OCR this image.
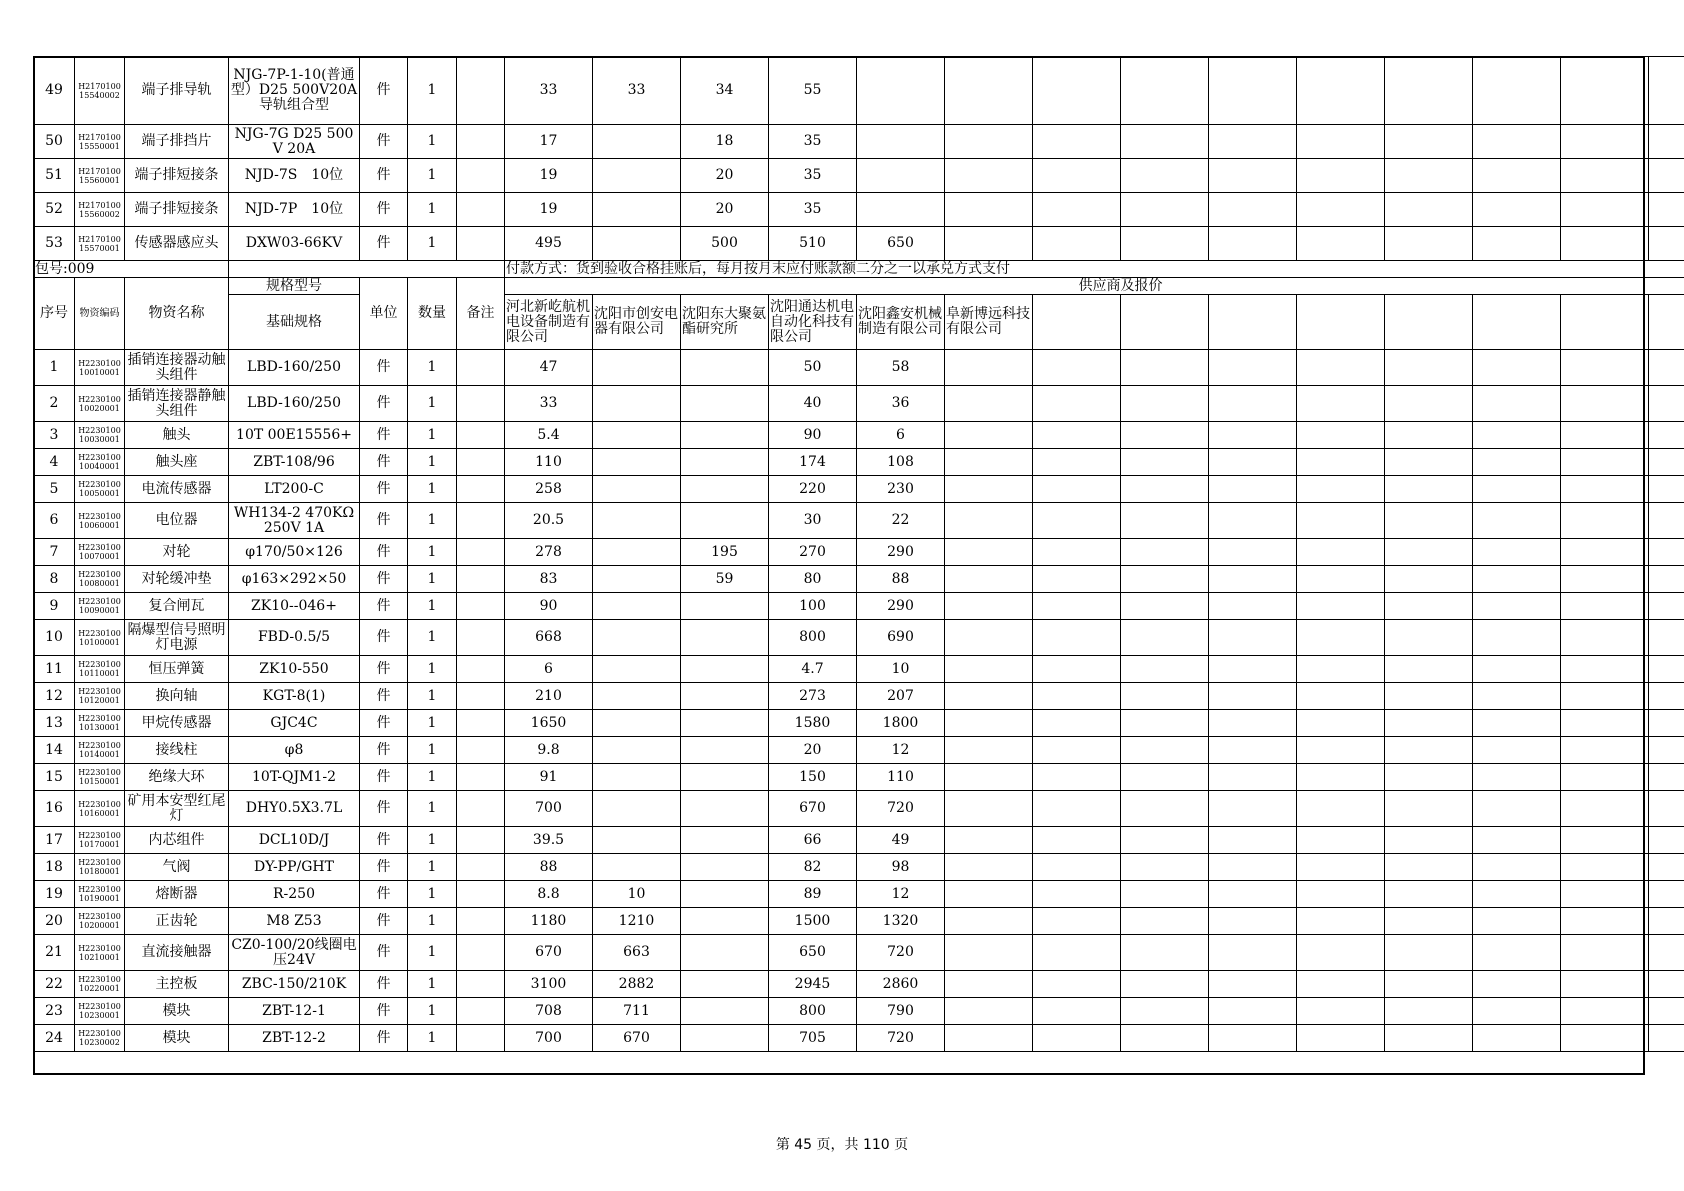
49	H217010015540002	端子排导轨	NJG-7P-1-10(普通型）D25 500V20A导轨组合型	件	1		33	33	34	55										
50	H217010015550001	端子排挡片	NJG-7G D25 500V 20A	件	1		17		18	35										
51	H217010015560001	端子排短接条	NJD-7S　10位	件	1		19		20	35										
52	H217010015560002	端子排短接条	NJD-7P　10位	件	1		19		20	35										
53	H217010015570001	传感器感应头	DXW03-66KV	件	1		495		500	510	650									
包号:009							付款方式：货到验收合格挂账后，每月按月末应付账款额二分之一以承兑方式支付													
序号	物资编码	物资名称	规格型号	单位	数量	备注	供应商及报价													
			基础规格				河北新屹航机电设备制造有限公司	沈阳市创安电器有限公司	沈阳东大聚氨酯研究所	沈阳通达机电自动化科技有限公司	沈阳鑫安机械制造有限公司	阜新博远科技有限公司								
1	H223010010010001	插销连接器动触头组件	LBD-160/250	件	1		47			50	58									
2	H223010010020001	插销连接器静触头组件	LBD-160/250	件	1		33			40	36									
3	H223010010030001	触头	10T 00E15556+	件	1		5.4			90	6									
4	H223010010040001	触头座	ZBT-108/96	件	1		110			174	108									
5	H223010010050001	电流传感器	LT200-C	件	1		258			220	230									
6	H223010010060001	电位器	WH134-2 470KΩ 250V 1A	件	1		20.5			30	22									
7	H223010010070001	对轮	φ170/50×126	件	1		278		195	270	290									
8	H223010010080001	对轮缓冲垫	φ163×292×50	件	1		83		59	80	88									
9	H223010010090001	复合闸瓦	ZK10--046+	件	1		90			100	290									
10	H223010010100001	隔爆型信号照明灯电源	FBD-0.5/5	件	1		668			800	690									
11	H223010010110001	恒压弹簧	ZK10-550	件	1		6			4.7	10									
12	H223010010120001	换向轴	KGT-8(1)	件	1		210			273	207									
13	H223010010130001	甲烷传感器	GJC4C	件	1		1650			1580	1800									
14	H223010010140001	接线柱	φ8	件	1		9.8			20	12									
15	H223010010150001	绝缘大环	10T-QJM1-2	件	1		91			150	110									
16	H223010010160001	矿用本安型红尾灯	DHY0.5X3.7L	件	1		700			670	720									
17	H223010010170001	内芯组件	DCL10D/J	件	1		39.5			66	49									
18	H223010010180001	气阀	DY-PP/GHT	件	1		88			82	98									
19	H223010010190001	熔断器	R-250	件	1		8.8	10		89	12									
20	H223010010200001	正齿轮	M8 Z53	件	1		1180	1210		1500	1320									
21	H223010010210001	直流接触器	CZ0-100/20线圈电压24V	件	1		670	663		650	720									
22	H223010010220001	主控板	ZBC-150/210K	件	1		3100	2882		2945	2860									
23	H223010010230001	模块	ZBT-12-1	件	1		708	711		800	790									
24	H223010010230002	模块	ZBT-12-2	件	1		700	670		705	720									
第 45 页，共 110 页
